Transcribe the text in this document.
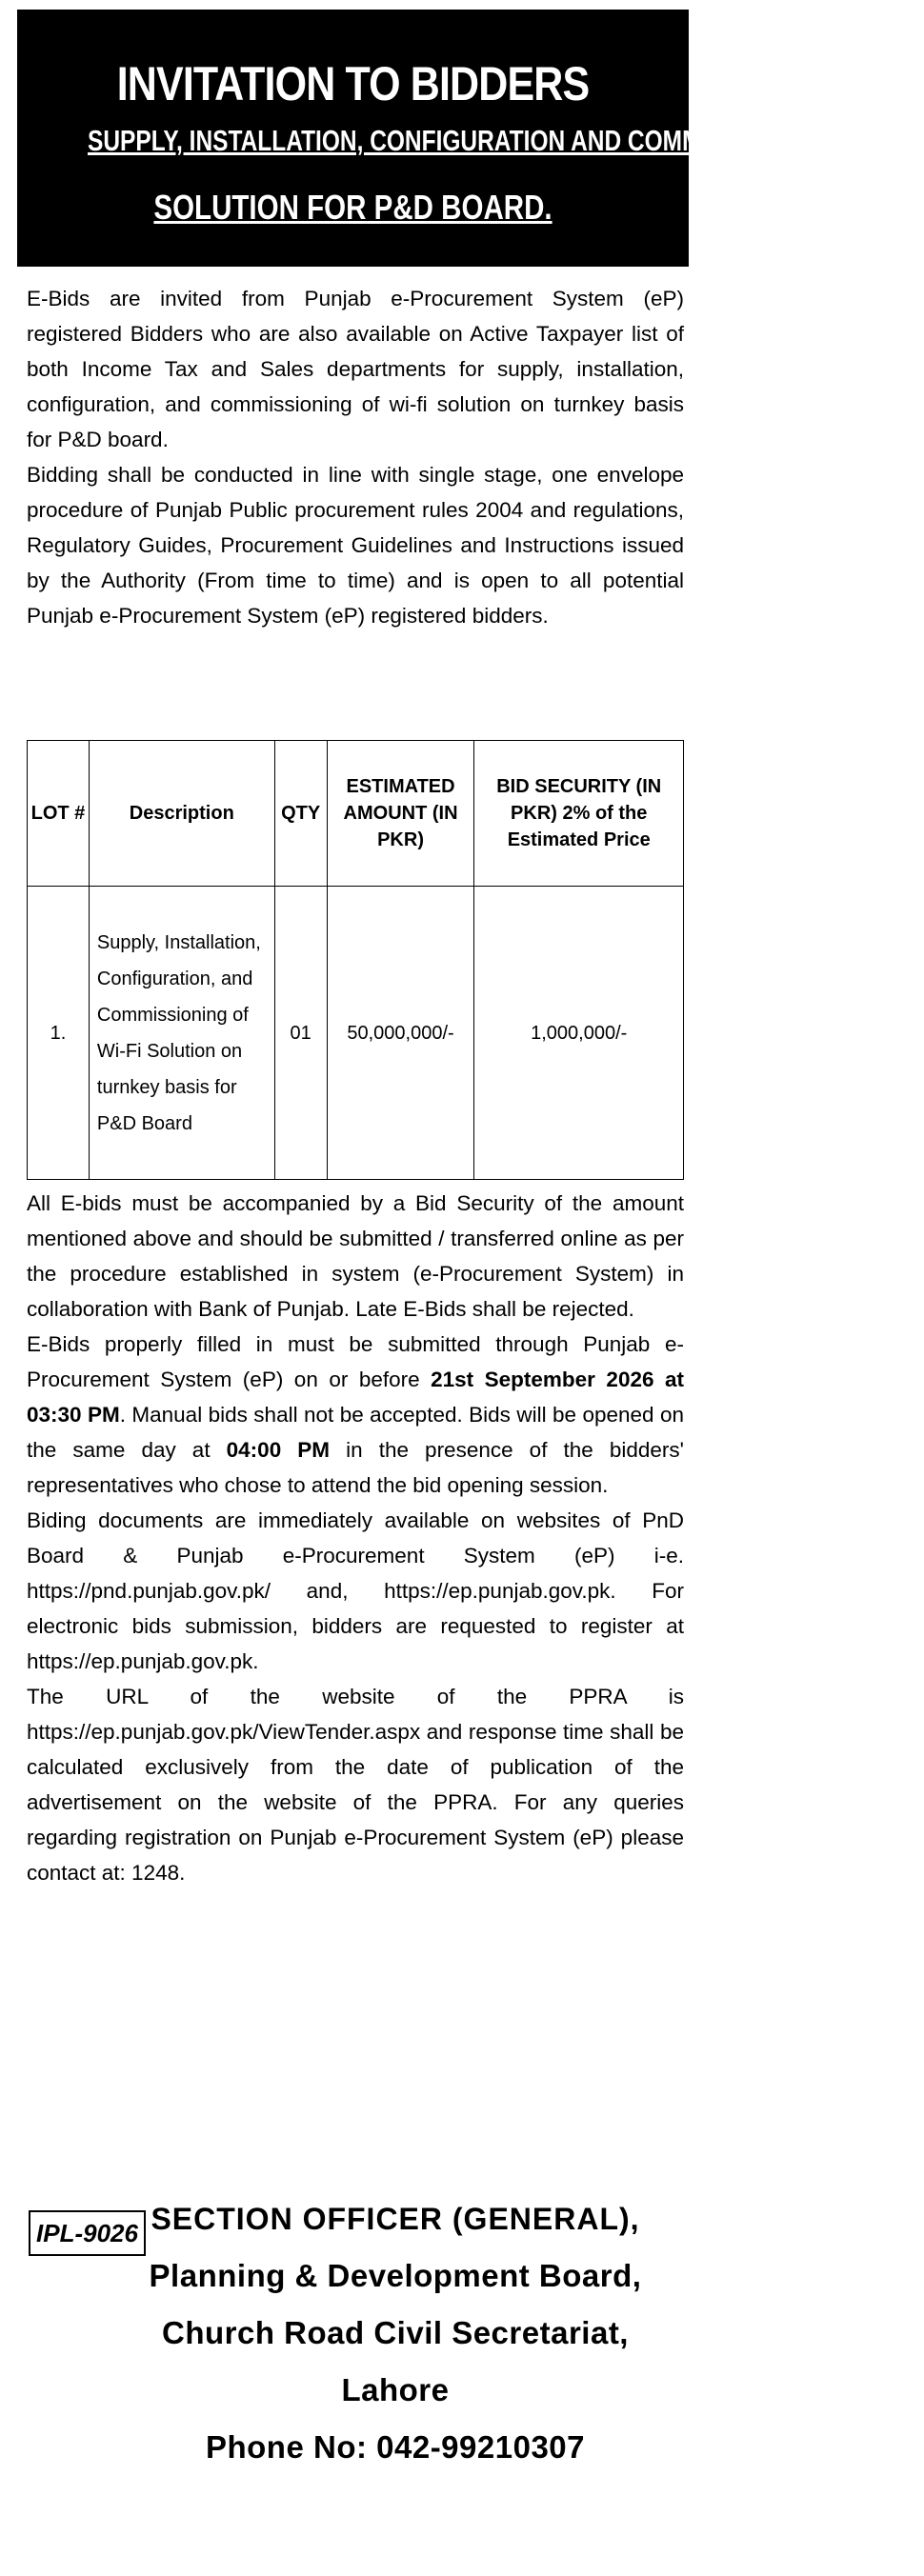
INVITATION TO BIDDERS
SUPPLY, INSTALLATION, CONFIGURATION AND COMMISSIONING OF WI-FI
SOLUTION FOR P&D BOARD.

E-Bids are invited from Punjab e-Procurement System (eP) registered Bidders who are also available on Active Taxpayer list of both Income Tax and Sales departments for supply, installation, configuration, and commissioning of wi-fi solution on turnkey basis for P&D board.

Bidding shall be conducted in line with single stage, one envelope procedure of Punjab Public procurement rules 2004 and regulations, Regulatory Guides, Procurement Guidelines and Instructions issued by the Authority (From time to time) and is open to all potential Punjab e-Procurement System (eP) registered bidders.

LOT #	Description	QTY	ESTIMATED AMOUNT (IN PKR)	BID SECURITY (IN PKR) 2% of the Estimated Price
1.	Supply, Installation, Configuration, and Commissioning of Wi-Fi Solution on turnkey basis for P&D Board	01	50,000,000/-	1,000,000/-

All E-bids must be accompanied by a Bid Security of the amount mentioned above and should be submitted / transferred online as per the procedure established in system (e-Procurement System) in collaboration with Bank of Punjab. Late E-Bids shall be rejected.

E-Bids properly filled in must be submitted through Punjab e-Procurement System (eP) on or before 21st September 2026 at 03:30 PM. Manual bids shall not be accepted. Bids will be opened on the same day at 04:00 PM in the presence of the bidders' representatives who chose to attend the bid opening session.

Biding documents are immediately available on websites of PnD Board & Punjab e-Procurement System (eP) i-e. https://pnd.punjab.gov.pk/ and, https://ep.punjab.gov.pk. For electronic bids submission, bidders are requested to register at https://ep.punjab.gov.pk.

The URL of the website of the PPRA is https://ep.punjab.gov.pk/ViewTender.aspx and response time shall be calculated exclusively from the date of publication of the advertisement on the website of the PPRA. For any queries regarding registration on Punjab e-Procurement System (eP) please contact at: 1248.

IPL-9026 SECTION OFFICER (GENERAL),
Planning & Development Board,
Church Road Civil Secretariat, Lahore
Phone No: 042-99210307
